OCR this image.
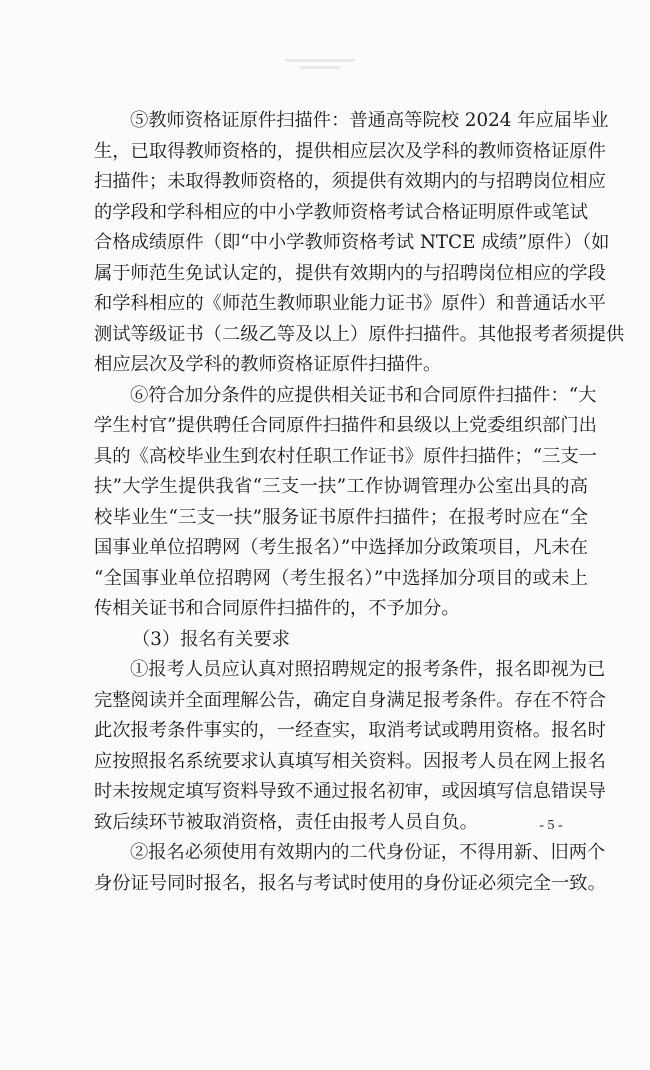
⑤教师资格证原件扫描件：普通高等院校 2024 年应届毕业
生，已取得教师资格的，提供相应层次及学科的教师资格证原件
扫描件；未取得教师资格的，须提供有效期内的与招聘岗位相应
的学段和学科相应的中小学教师资格考试合格证明原件或笔试
合格成绩原件（即“中小学教师资格考试 NTCE 成绩”原件）（如
属于师范生免试认定的，提供有效期内的与招聘岗位相应的学段
和学科相应的《师范生教师职业能力证书》原件）和普通话水平
测试等级证书（二级乙等及以上）原件扫描件。其他报考者须提供
相应层次及学科的教师资格证原件扫描件。
⑥符合加分条件的应提供相关证书和合同原件扫描件：“大
学生村官”提供聘任合同原件扫描件和县级以上党委组织部门出
具的《高校毕业生到农村任职工作证书》原件扫描件；“三支一
扶”大学生提供我省“三支一扶”工作协调管理办公室出具的高
校毕业生“三支一扶”服务证书原件扫描件；在报考时应在“全
国事业单位招聘网（考生报名）”中选择加分政策项目，凡未在
“全国事业单位招聘网（考生报名）”中选择加分项目的或未上
传相关证书和合同原件扫描件的，不予加分。
（3）报名有关要求
①报考人员应认真对照招聘规定的报考条件，报名即视为已
完整阅读并全面理解公告，确定自身满足报考条件。存在不符合
此次报考条件事实的，一经查实，取消考试或聘用资格。报名时
应按照报名系统要求认真填写相关资料。因报考人员在网上报名
时未按规定填写资料导致不通过报名初审，或因填写信息错误导
致后续环节被取消资格，责任由报考人员自负。
②报名必须使用有效期内的二代身份证，不得用新、旧两个
身份证号同时报名，报名与考试时使用的身份证必须完全一致。
- 5 -
